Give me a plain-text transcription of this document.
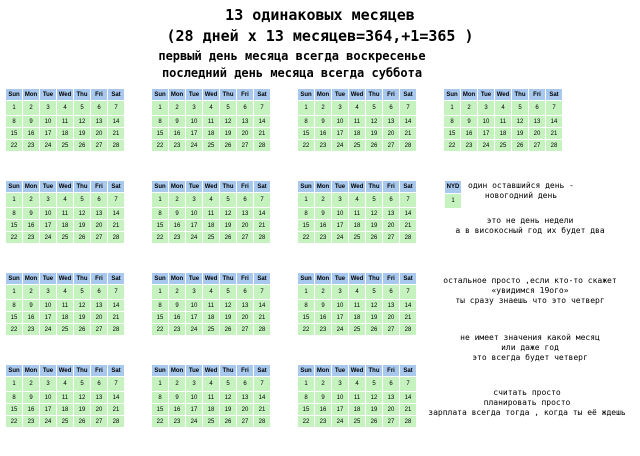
13 одинаковых месяцев
(28 дней x 13 месяцев=364,+1=365 )
первый день месяца всегда воскресенье
последний день месяца всегда суббота
Sun	Mon	Tue	Wed	Thu	Fri	Sat
1	2	3	4	5	6	7
8	9	10	11	12	13	14
15	16	17	18	19	20	21
22	23	24	25	26	27	28
Sun	Mon	Tue	Wed	Thu	Fri	Sat
1	2	3	4	5	6	7
8	9	10	11	12	13	14
15	16	17	18	19	20	21
22	23	24	25	26	27	28
Sun	Mon	Tue	Wed	Thu	Fri	Sat
1	2	3	4	5	6	7
8	9	10	11	12	13	14
15	16	17	18	19	20	21
22	23	24	25	26	27	28
Sun	Mon	Tue	Wed	Thu	Fri	Sat
1	2	3	4	5	6	7
8	9	10	11	12	13	14
15	16	17	18	19	20	21
22	23	24	25	26	27	28
Sun	Mon	Tue	Wed	Thu	Fri	Sat
1	2	3	4	5	6	7
8	9	10	11	12	13	14
15	16	17	18	19	20	21
22	23	24	25	26	27	28
Sun	Mon	Tue	Wed	Thu	Fri	Sat
1	2	3	4	5	6	7
8	9	10	11	12	13	14
15	16	17	18	19	20	21
22	23	24	25	26	27	28
Sun	Mon	Tue	Wed	Thu	Fri	Sat
1	2	3	4	5	6	7
8	9	10	11	12	13	14
15	16	17	18	19	20	21
22	23	24	25	26	27	28
Sun	Mon	Tue	Wed	Thu	Fri	Sat
1	2	3	4	5	6	7
8	9	10	11	12	13	14
15	16	17	18	19	20	21
22	23	24	25	26	27	28
Sun	Mon	Tue	Wed	Thu	Fri	Sat
1	2	3	4	5	6	7
8	9	10	11	12	13	14
15	16	17	18	19	20	21
22	23	24	25	26	27	28
Sun	Mon	Tue	Wed	Thu	Fri	Sat
1	2	3	4	5	6	7
8	9	10	11	12	13	14
15	16	17	18	19	20	21
22	23	24	25	26	27	28
Sun	Mon	Tue	Wed	Thu	Fri	Sat
1	2	3	4	5	6	7
8	9	10	11	12	13	14
15	16	17	18	19	20	21
22	23	24	25	26	27	28
Sun	Mon	Tue	Wed	Thu	Fri	Sat
1	2	3	4	5	6	7
8	9	10	11	12	13	14
15	16	17	18	19	20	21
22	23	24	25	26	27	28
Sun	Mon	Tue	Wed	Thu	Fri	Sat
1	2	3	4	5	6	7
8	9	10	11	12	13	14
15	16	17	18	19	20	21
22	23	24	25	26	27	28
NYD
1
один оставшийся день -
новогодний день
это не день недели
а в високосный год их будет два
остальное просто ,если кто-то скажет
«увидимся 19ого»
ты сразу знаешь что это четверг
не имеет значения какой месяц
или даже год
это всегда будет четверг
считать просто
планировать просто
зарплата всегда тогда , когда ты её ждешь
